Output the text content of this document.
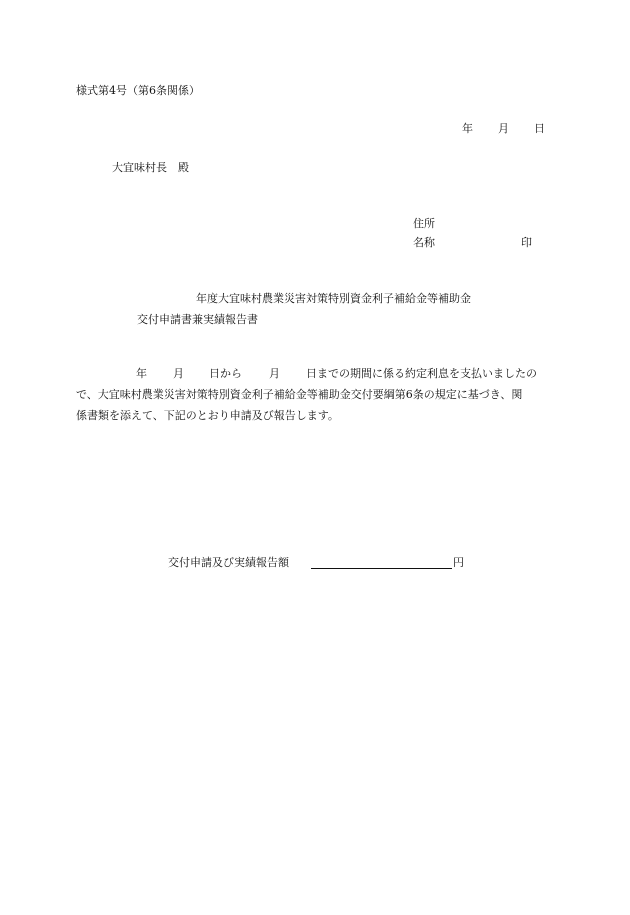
様式第4号（第6条関係）
年 月 日
大宜味村長　殿
住所
名称	印
年度大宜味村農業災害対策特別資金利子補給金等補助金
交付申請書兼実績報告書
年 月 日から 月 日までの期間に係る約定利息を支払いましたの
で、大宜味村農業災害対策特別資金利子補給金等補助金交付要綱第6条の規定に基づき、関
係書類を添えて、下記のとおり申請及び報告します。
交付申請及び実績報告額	円
